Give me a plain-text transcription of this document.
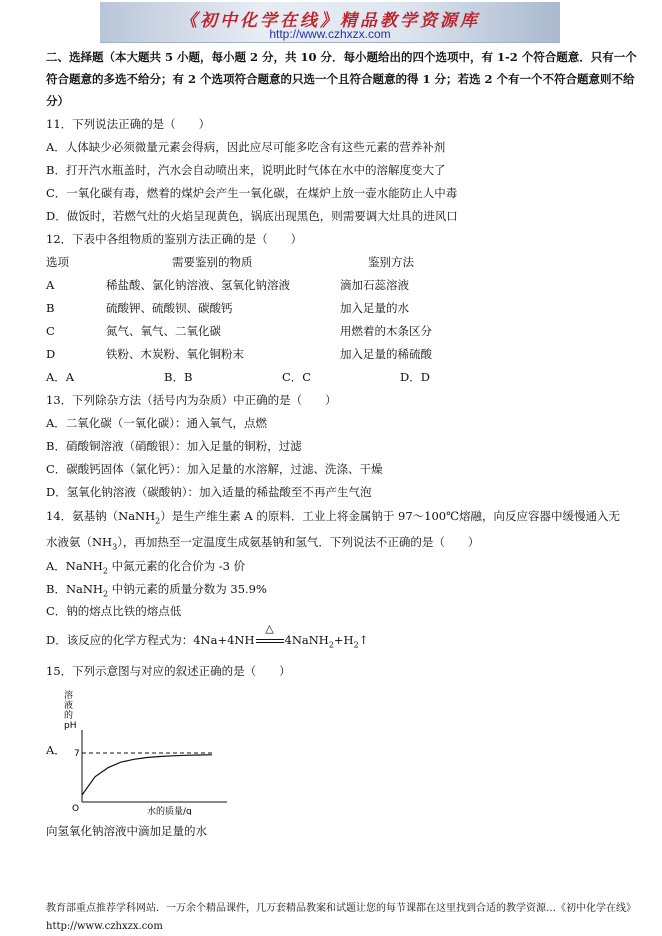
《初中化学在线》精品教学资源库
http://www.czhxzx.com
二、选择题（本大题共 5 小题，每小题 2 分，共 10 分．每小题给出的四个选项中，有 1-2 个符合题意．只有一个符合题意的多选不给分；有 2 个选项符合题意的只选一个且符合题意的得 1 分；若选 2 个有一个不符合题意则不给分）
11．下列说法正确的是（　　）
A．人体缺少必须微量元素会得病，因此应尽可能多吃含有这些元素的营养补剂
B．打开汽水瓶盖时，汽水会自动喷出来，说明此时气体在水中的溶解度变大了
C．一氧化碳有毒，燃着的煤炉会产生一氧化碳，在煤炉上放一壶水能防止人中毒
D．做饭时，若燃气灶的火焰呈现黄色，锅底出现黑色，则需要调大灶具的进风口
12．下表中各组物质的鉴别方法正确的是（　　）
选项	需要鉴别的物质	鉴别方法
A	稀盐酸、氯化钠溶液、氢氧化钠溶液	滴加石蕊溶液
B	硫酸钾、硫酸钡、碳酸钙	加入足量的水
C	氮气、氧气、二氧化碳	用燃着的木条区分
D	铁粉、木炭粉、氧化铜粉末	加入足量的稀硫酸
A．A	B．B	C．C	D．D
13．下列除杂方法（括号内为杂质）中正确的是（　　）
A．二氧化碳（一氧化碳）：通入氧气，点燃
B．硝酸铜溶液（硝酸银）：加入足量的铜粉，过滤
C．碳酸钙固体（氯化钙）：加入足量的水溶解，过滤、洗涤、干燥
D．氢氧化钠溶液（碳酸钠）：加入适量的稀盐酸至不再产生气泡
14．氨基钠（NaNH$_2$）是生产维生素 A 的原料．工业上将金属钠于 97～100℃熔融，向反应容器中缓慢通入无
水液氨$(NH_3)$，再加热至一定温度生成氨基钠和氢气．下列说法不正确的是（　　）
A．NaNH$_2$ 中氮元素的化合价为 -3 价
B．NaNH$_2$ 中钠元素的质量分数为 35.9%
C．钠的熔点比铁的熔点低
D．该反应的化学方程式为：4Na+4NH
△
$4NaNH_2+H_2↑$
15．下列示意图与对应的叙述正确的是（　　）
A．
溶
液
的
pH
O	水的质量/g
7
向氢氧化钠溶液中滴加足量的水
教育部重点推荐学科网站．一万余个精品课件，几万套精品教案和试题让您的每节课都在这里找到合适的教学资源…《初中化学在线》http://www.czhxzx.com
